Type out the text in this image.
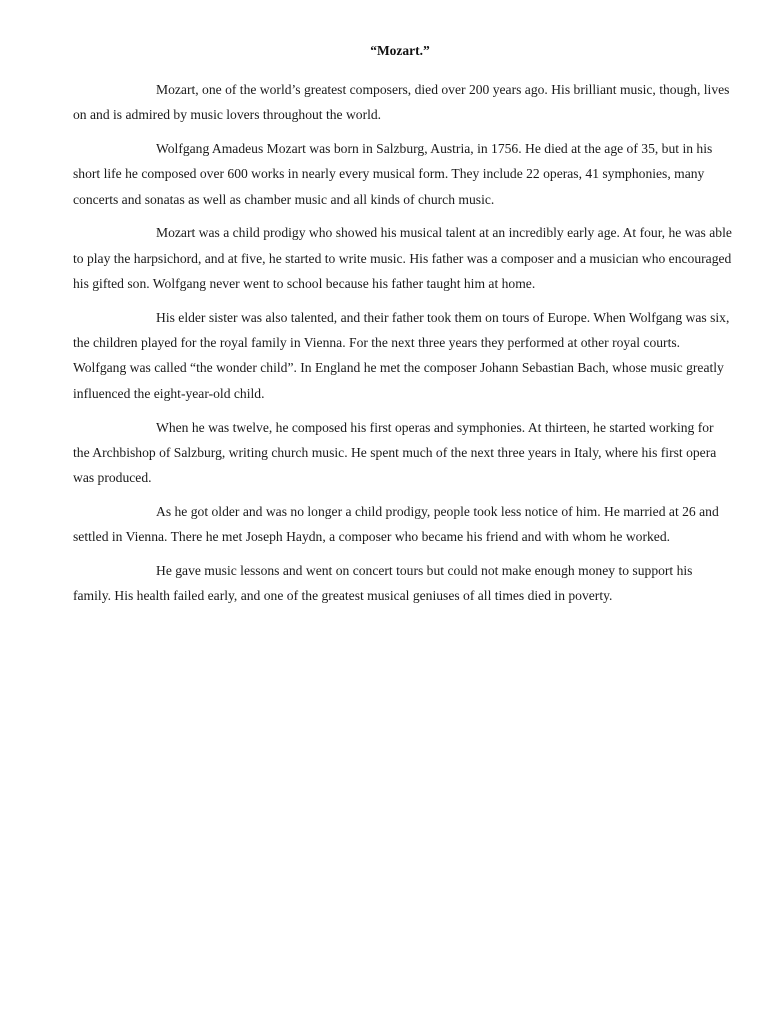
“Mozart.”

Mozart, one of the world’s greatest composers, died over 200 years ago. His brilliant music, though, lives on and is admired by music lovers throughout the world.

Wolfgang Amadeus Mozart was born in Salzburg, Austria, in 1756. He died at the age of 35, but in his short life he composed over 600 works in nearly every musical form. They include 22 operas, 41 symphonies, many concerts and sonatas as well as chamber music and all kinds of church music.

Mozart was a child prodigy who showed his musical talent at an incredibly early age. At four, he was able to play the harpsichord, and at five, he started to write music. His father was a composer and a musician who encouraged his gifted son. Wolfgang never went to school because his father taught him at home.

His elder sister was also talented, and their father took them on tours of Europe. When Wolfgang was six, the children played for the royal family in Vienna. For the next three years they performed at other royal courts. Wolfgang was called “the wonder child”. In England he met the composer Johann Sebastian Bach, whose music greatly influenced the eight-year-old child.

When he was twelve, he composed his first operas and symphonies. At thirteen, he started working for the Archbishop of Salzburg, writing church music. He spent much of the next three years in Italy, where his first opera was produced.

As he got older and was no longer a child prodigy, people took less notice of him. He married at 26 and settled in Vienna. There he met Joseph Haydn, a composer who became his friend and with whom he worked.

He gave music lessons and went on concert tours but could not make enough money to support his family. His health failed early, and one of the greatest musical geniuses of all times died in poverty.
